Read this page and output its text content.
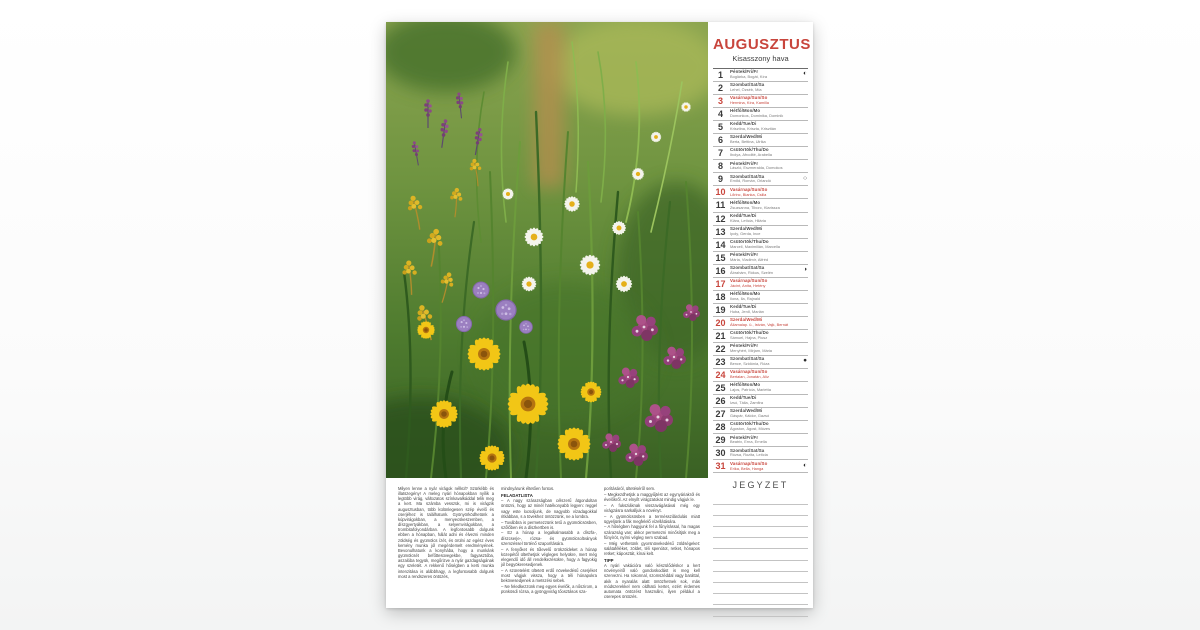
AUGUSZTUS
Kisasszony hava
1	Péntek/Fri/Fr
Boglárka, Bogát, Kíra	◐
2	Szombat/Sat/Sa
Lehel, Özséb, Mía
3	Vasárnap/Sun/So
Hermina, Kíra, Kamilla
4	Hétfő/Mon/Mo
Domonkos, Dominika, Dominik
5	Kedd/Tue/Di
Krisztina, Kriszta, Krisztián
6	Szerda/Wed/Mi
Berta, Bettina, Ulrika
7	Csütörtök/Thu/Do
Ibolya, Afrodité, Arabella
8	Péntek/Fri/Fr
László, Eszmeralda, Domokos
9	Szombat/Sat/Sa
Emőd, Román, Orlandó	○
10	Vasárnap/Sun/So
Lőrinc, Bianka, Csilla
11	Hétfő/Mon/Mo
Zsuzsanna, Tiborc, Klarissza
12	Kedd/Tue/Di
Klára, Letícia, Hilária
13	Szerda/Wed/Mi
Ipoly, Gerda, Ince
14	Csütörtök/Thu/Do
Marcell, Maximilián, Marcella
15	Péntek/Fri/Fr
Mária, Vladimír, Alfréd
16	Szombat/Sat/Sa
Ábrahám, Rókus, Szelén	◑
17	Vasárnap/Sun/So
Jácint, Anita, Hetény
18	Hétfő/Mon/Mo
Ilona, Ila, Rajnald
19	Kedd/Tue/Di
Huba, Jenő, Marián
20	Szerda/Wed/Mi
Államalap. ü., István, Vajk, Bernát
21	Csütörtök/Thu/Do
Sámuel, Hajna, Piusz
22	Péntek/Fri/Fr
Menyhért, Mirjam, Mária
23	Szombat/Sat/Sa
Bence, Szidónia, Róza	●
24	Vasárnap/Sun/So
Bertalan, Jonatán, Alíz
25	Hétfő/Mon/Mo
Lajos, Patrícia, Marietta
26	Kedd/Tue/Di
Izsó, Tália, Zamfira
27	Szerda/Wed/Mi
Gáspár, Káldor, Gazsó
28	Csütörtök/Thu/Do
Ágoston, Ágost, Mózes
29	Péntek/Fri/Fr
Beatrix, Erna, Ernella
30	Szombat/Sat/Sa
Rózsa, Rozita, Letícia
31	Vasárnap/Sun/So
Erika, Bella, Hanga	◐
JEGYZET
Milyen lenne a nyár virágok nélkül? Szürkébb és illatszegény! A meleg nyári hónapokban nyílik a legtöbb virág, változatos színkavalkáddal telik meg a kert. Ma számba vesszük, mi is virágzik augusztusban, több különlegesen szép évelő és cserjéhez is találhatunk. Gyönyörködhetünk a kúpvirágokban, a menyecskeszemben, a díszgyertyákban, a selyemvirágokban, a trombitafolyondárban. A legfontosabb dolgunk ebben a hónapban, hálát adni és élvezni minden zöldség és gyümölcs ízét, és örülni az egész éves kemény munka jól megérdemelt eredményének. Bevonulhatunk a konyhába, hogy a munkánk gyümölcsét befőttesüvegekbe, fagyasztóba, aszalóba tegyük, megőrizve a nyár gazdagságának egy szeletét. A rekkenő hőségben a kerti munka intenzitása is alábbhagy, a legfontosabb dolgunk most a rendszeres öntözés,
mindnyárunk éltetően fontos.
FELADATLISTA
– A nagy szárazságban célszerű átgondoltan öntözni, hogy az minél hatékonyabb legyen: reggel vagy este locsoljunk, de nagyobb vízadagokkal ritkábban, s a tövekhez öntözzünk, ne a lombra.
– Továbbra is permetezzünk tetű a gyümölcsösben, szőlőben és a díszkertben is.
– Ez a hónap a legalkalmasabb a díszfa-, díszcserje-, rózsa- és gyümölcsoltványok szemzéssel történő szaporítására.
– A fenyőket és tűlevelű örökzöldeket a hónap közepétől ültethetjük végleges helyükre, mert még elegendő idő áll rendelkezésükre, hogy a fagyokig jól begyökeresedjenek.
– A szüretelést ültetett erdő növekedésű cserjéket most vágjuk vissza, hogy a téli hónapokra bekövesedjenek a metszési sebek.
– Ne feledkezzünk meg egyes évelők, a nőszirom, a pünkösdi rózsa, a gyöngyvirág tőosztásos sza-
porításáról, ültetéséről sem.
– Megkezdhetjük a maggyűjtést az egynyáriakról és évelőkről. Az elnyílt virágzatokat mindig vágjuk le.
– A fuksziáknak visszavágásával még egy virágzásra sarkalljuk a növényt.
– A gyümölcsösben a termésszilárdulás miatt ügyeljünk a fák megfelelő vízellátására.
– A hőségben hagyjunk fel a fűnyírással, ha magas szárazság van; akkor permetezni minősítjük meg a fűnyírót, nyírni végleg nem szabad.
– Még vethetünk gyorsnövekedésű zöldségeket: salátaféléket, zöldet, téli spenótot, retket, hónapos retket; káposztát, kínai kelt.
TIPP
A nyári vakációra való készülődéskor a kert növényeiről való gondoskodást is meg kell szervezni. Ha rokonnal, szomszéddal vagy baráttal, akik a nyaralás alatt öntözhetnek sok, más módszerekkel nem oldható kertet, ezért érdemes automata öntözést használni, ilyen például a cserepes öntözés.
